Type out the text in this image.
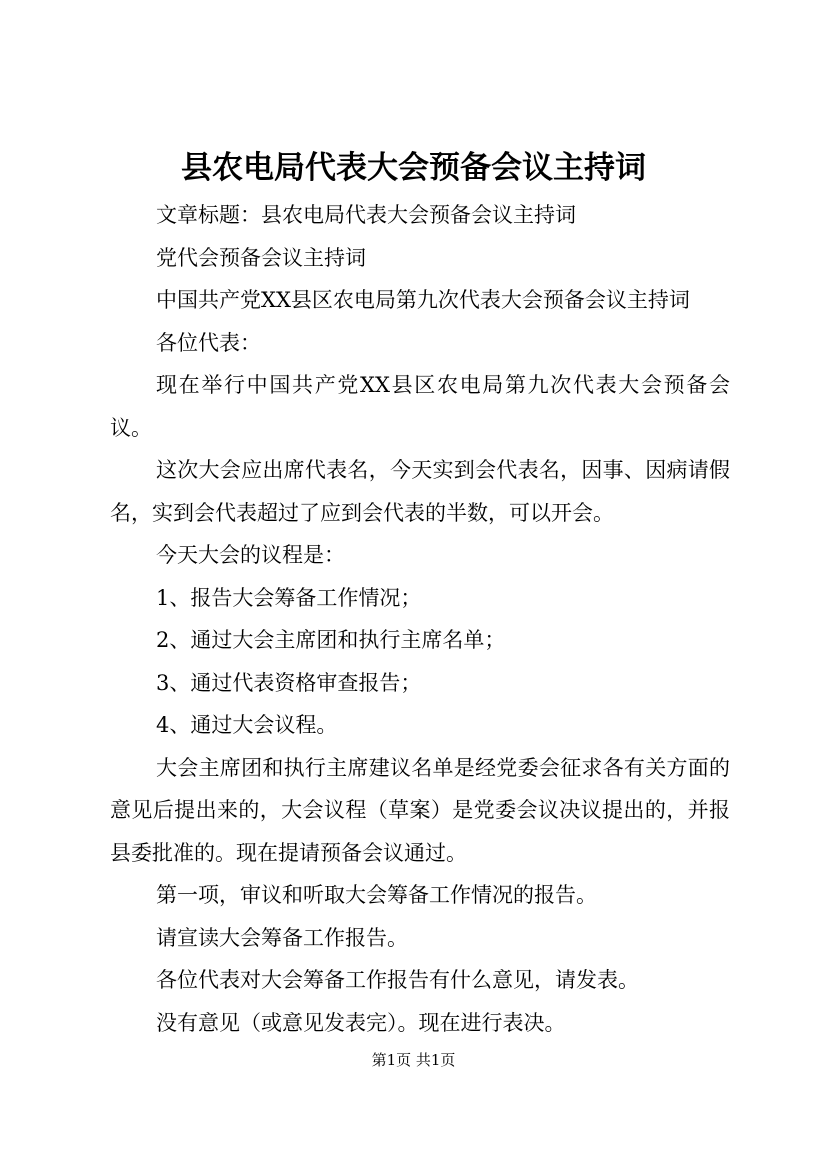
县农电局代表大会预备会议主持词

文章标题：县农电局代表大会预备会议主持词

党代会预备会议主持词

中国共产党XX县区农电局第九次代表大会预备会议主持词

各位代表：

现在举行中国共产党XX县区农电局第九次代表大会预备会议。

这次大会应出席代表名，今天实到会代表名，因事、因病请假名，实到会代表超过了应到会代表的半数，可以开会。

今天大会的议程是：

1、报告大会筹备工作情况；

2、通过大会主席团和执行主席名单；

3、通过代表资格审查报告；

4、通过大会议程。

大会主席团和执行主席建议名单是经党委会征求各有关方面的意见后提出来的，大会议程（草案）是党委会议决议提出的，并报县委批准的。现在提请预备会议通过。

第一项，审议和听取大会筹备工作情况的报告。

请宣读大会筹备工作报告。

各位代表对大会筹备工作报告有什么意见，请发表。

没有意见（或意见发表完）。现在进行表决。

第1页 共1页
